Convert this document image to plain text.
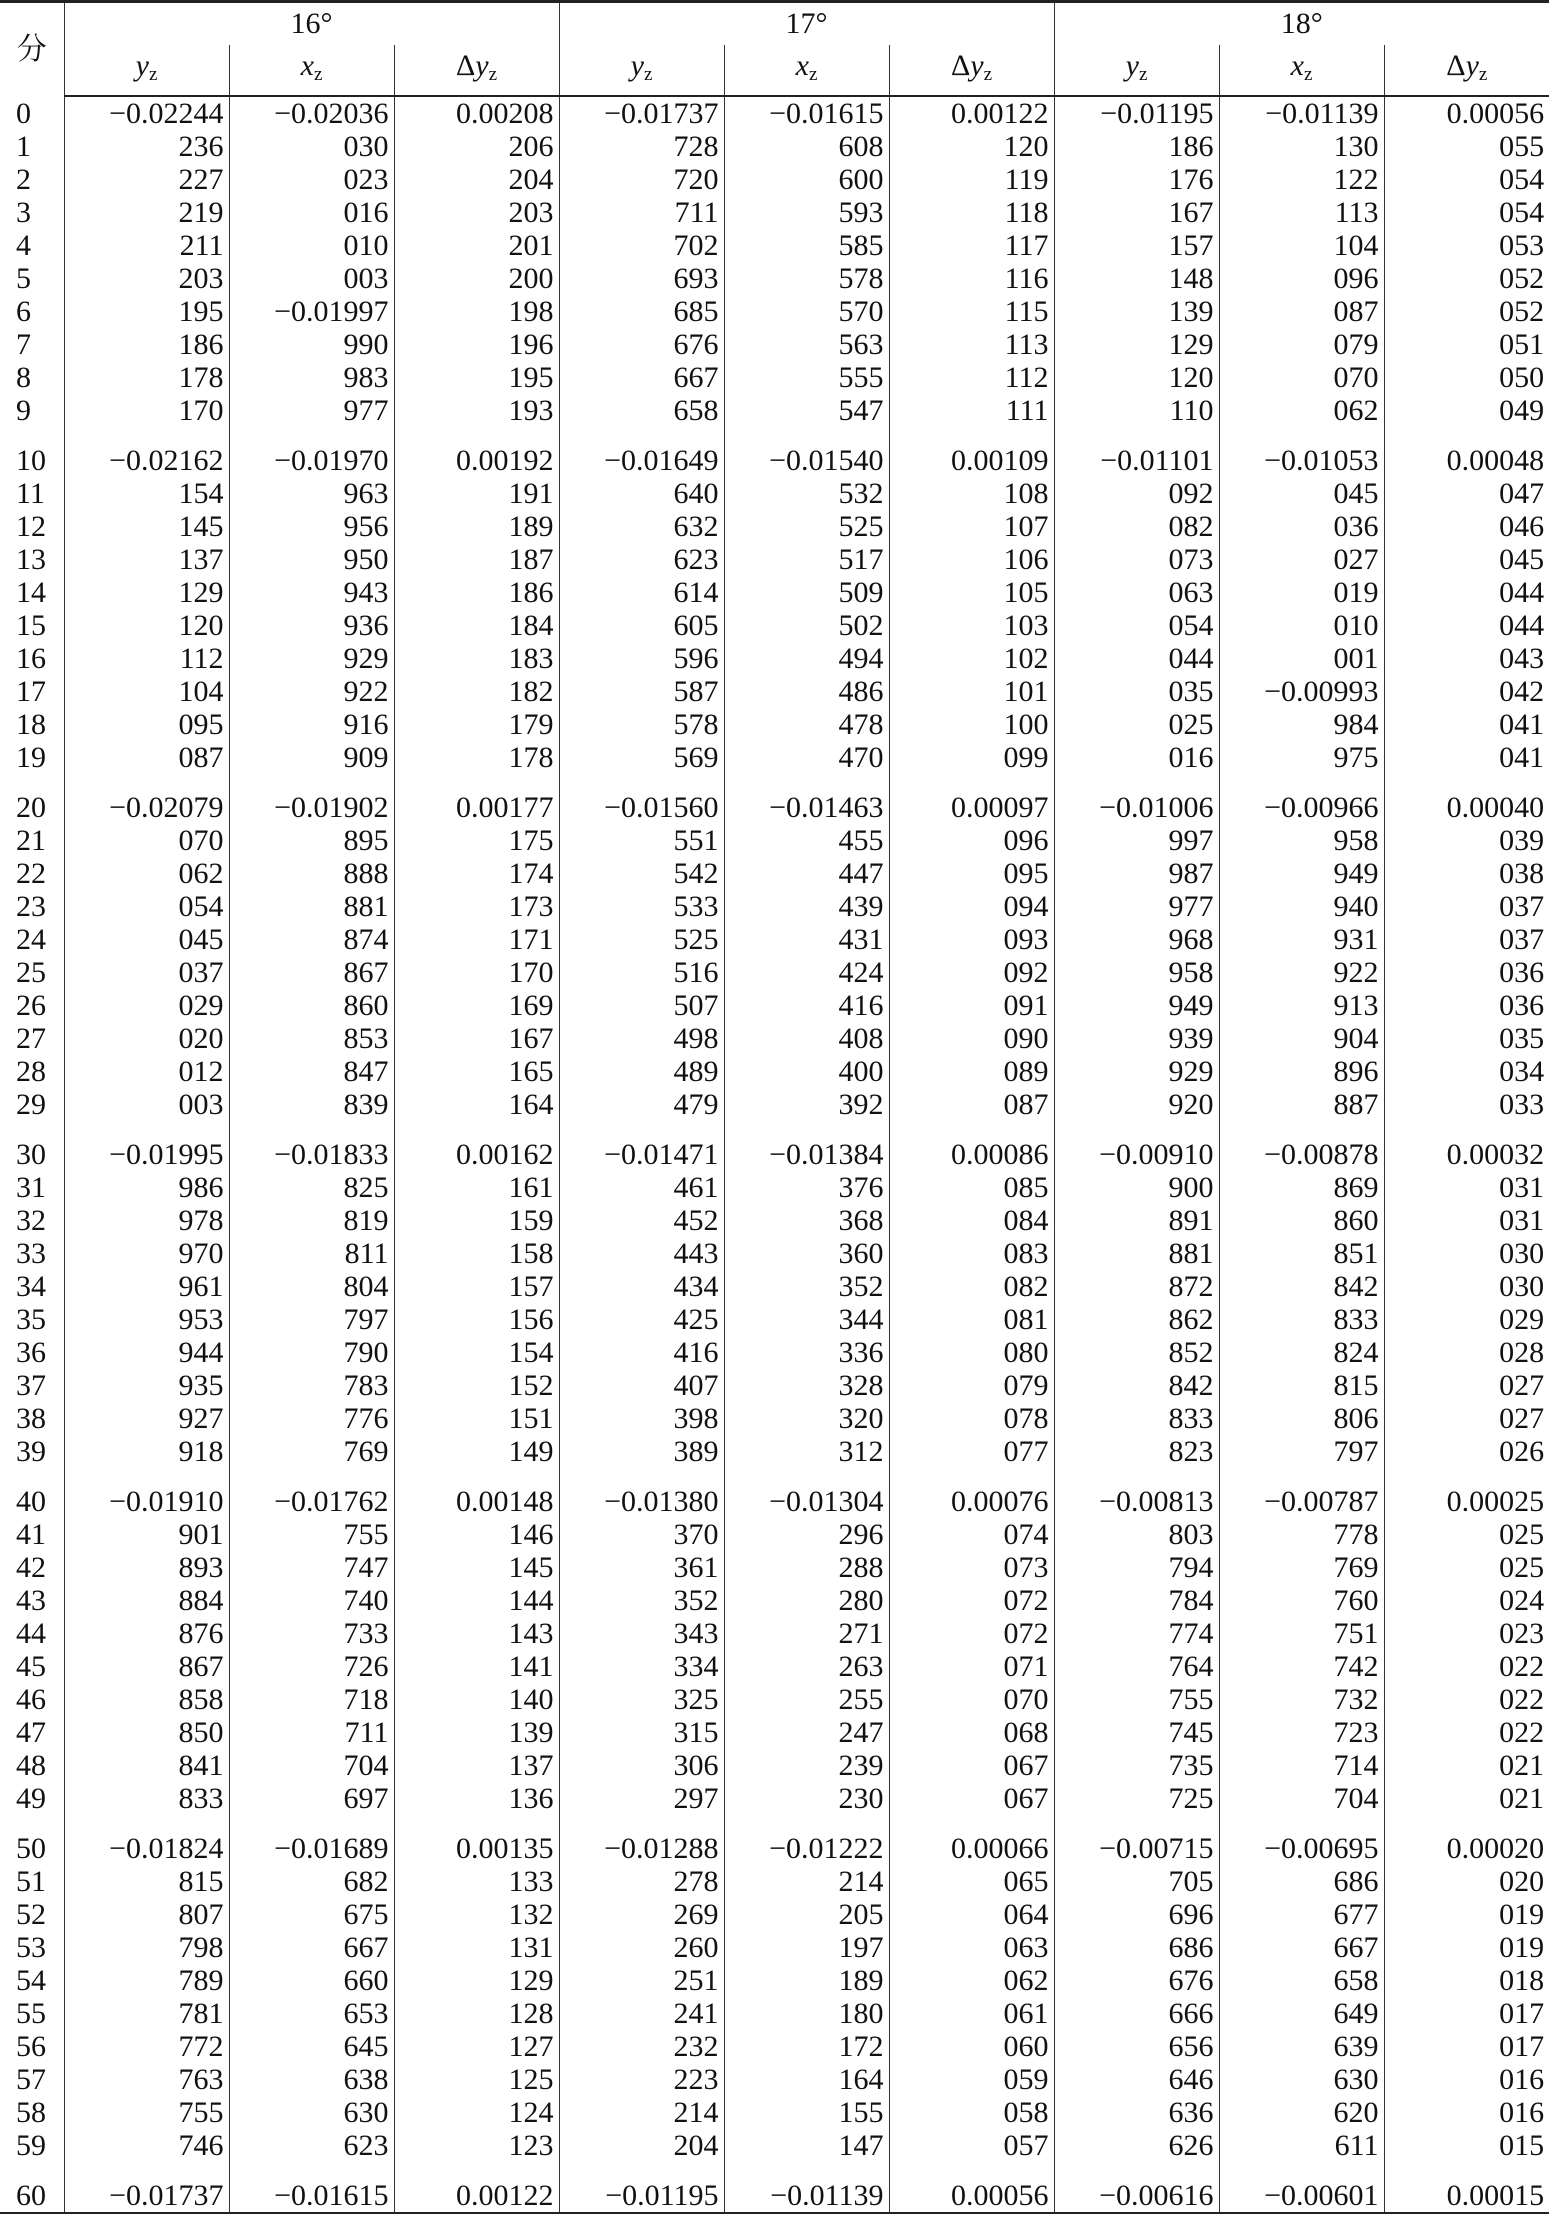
分	16°			17°			18°		
	$y_z$	$x_z$	$\Delta y_z$	$y_z$	$x_z$	$\Delta y_z$	$y_z$	$x_z$	$\Delta y_z$
0	−0.02244	−0.02036	0.00208	−0.01737	−0.01615	0.00122	−0.01195	−0.01139	0.00056
1	236	030	206	728	608	120	186	130	055
2	227	023	204	720	600	119	176	122	054
3	219	016	203	711	593	118	167	113	054
4	211	010	201	702	585	117	157	104	053
5	203	003	200	693	578	116	148	096	052
6	195	−0.01997	198	685	570	115	139	087	052
7	186	990	196	676	563	113	129	079	051
8	178	983	195	667	555	112	120	070	050
9	170	977	193	658	547	111	110	062	049

10	−0.02162	−0.01970	0.00192	−0.01649	−0.01540	0.00109	−0.01101	−0.01053	0.00048
11	154	963	191	640	532	108	092	045	047
12	145	956	189	632	525	107	082	036	046
13	137	950	187	623	517	106	073	027	045
14	129	943	186	614	509	105	063	019	044
15	120	936	184	605	502	103	054	010	044
16	112	929	183	596	494	102	044	001	043
17	104	922	182	587	486	101	035	−0.00993	042
18	095	916	179	578	478	100	025	984	041
19	087	909	178	569	470	099	016	975	041

20	−0.02079	−0.01902	0.00177	−0.01560	−0.01463	0.00097	−0.01006	−0.00966	0.00040
21	070	895	175	551	455	096	997	958	039
22	062	888	174	542	447	095	987	949	038
23	054	881	173	533	439	094	977	940	037
24	045	874	171	525	431	093	968	931	037
25	037	867	170	516	424	092	958	922	036
26	029	860	169	507	416	091	949	913	036
27	020	853	167	498	408	090	939	904	035
28	012	847	165	489	400	089	929	896	034
29	003	839	164	479	392	087	920	887	033

30	−0.01995	−0.01833	0.00162	−0.01471	−0.01384	0.00086	−0.00910	−0.00878	0.00032
31	986	825	161	461	376	085	900	869	031
32	978	819	159	452	368	084	891	860	031
33	970	811	158	443	360	083	881	851	030
34	961	804	157	434	352	082	872	842	030
35	953	797	156	425	344	081	862	833	029
36	944	790	154	416	336	080	852	824	028
37	935	783	152	407	328	079	842	815	027
38	927	776	151	398	320	078	833	806	027
39	918	769	149	389	312	077	823	797	026

40	−0.01910	−0.01762	0.00148	−0.01380	−0.01304	0.00076	−0.00813	−0.00787	0.00025
41	901	755	146	370	296	074	803	778	025
42	893	747	145	361	288	073	794	769	025
43	884	740	144	352	280	072	784	760	024
44	876	733	143	343	271	072	774	751	023
45	867	726	141	334	263	071	764	742	022
46	858	718	140	325	255	070	755	732	022
47	850	711	139	315	247	068	745	723	022
48	841	704	137	306	239	067	735	714	021
49	833	697	136	297	230	067	725	704	021

50	−0.01824	−0.01689	0.00135	−0.01288	−0.01222	0.00066	−0.00715	−0.00695	0.00020
51	815	682	133	278	214	065	705	686	020
52	807	675	132	269	205	064	696	677	019
53	798	667	131	260	197	063	686	667	019
54	789	660	129	251	189	062	676	658	018
55	781	653	128	241	180	061	666	649	017
56	772	645	127	232	172	060	656	639	017
57	763	638	125	223	164	059	646	630	016
58	755	630	124	214	155	058	636	620	016
59	746	623	123	204	147	057	626	611	015

60	−0.01737	−0.01615	0.00122	−0.01195	−0.01139	0.00056	−0.00616	−0.00601	0.00015
